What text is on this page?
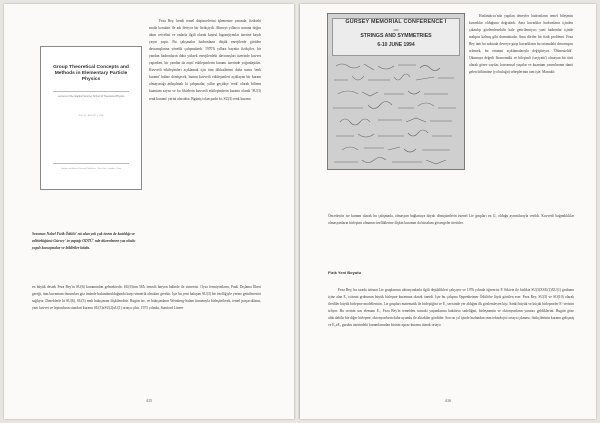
Group Theoretical Concepts and Methods in Elementary Particle Physics
Lectures of the Istanbul Summer School of Theoretical Physics
JULY 16 – AUGUST 4, 1962
Gordon and Breach Science Publishers · New York · London · Paris
Sezonun Nobel Fizik Ödülü' nü alan yok çok önem de katıldığı ve editörlüğünü Gürsey' in yaptığı ODTÜ' nde düzenlenen yaz okulu yapılı konuşmalar ve bildiriler kitabı.

Feza Bey, kendi temel düşüncelerini işlemesine yanında, fizikteki moda konuları ile adı ileriyor bir fizikçiydi. Alimeyi yıllarca sonuna doğru akım cetvelini ve onlarla ilgili olarak kuyrul lagranjiyenlar üzerine kaydı yayın yaptı. Bu çalışmalar hadronların düşük enerjilerde görülen davranışlarına yönelik çalışmalardı. 1970'li yıllara hayatta fizikçiler, bir yandan hadronların daha yüksek enerjilerdeki davranışları üzerinde kuvvet yaparken, bir yandan da zayıf etkileşimlerin kuramı üzerinde yoğunlaştılar. Kuvvetli etkileşimleri açıklamak için tüm dikkatlerimi daha sonra 'renk kuramı' haline dönüşecek, bunun kuvvetli etkileşimleri açıklayan bir kuram olmayacağı anlaşılmalı ki çalışmalar, yıllar geçtikçe 'renk' olarak bilinen kuantum sayısı ve bu fikirlerin kuvvetli etkileşimlerin kuramı olarak 'SU(3) renk kuramı' yerini alacaktır. Bgüniçi olan padır bi, SU(3) renk kuramı

en büyük destek Feza Bey'in SU(6) kuramından gelmektedir. SU(6)'nın 56'lı temsili baryon halinde ile simetrisi. Oysa fermiyonların, Pauli Dışlama İlkesi gereği, tüm kuvantum durumları göz önünde bulundurulduğunda karşı-simetrik olmaları gerekir. İşte bu yeni bakışım SU(3) bir özelliğiyle yerine getirilmesini sağlıyor. Deneklerle ki SU(6), SU(3) renk bakışımını ilişkilendirir. Bugün ise, ve bakışımların Weinberg-Salam kuramıyla birleştirilerek, temel parçacıkların, yani kuvvet ve leptonların standart kuramı SU(3)xSU(2)xU(1) ortaya çıktı. 1973 yılında, Stanford Lineer

415
GÜRSEY MEMORIAL CONFERENCE I
ON
STRINGS AND SYMMETRIES
6-10 JUNE 1994

Hızlandırıcı'nda yapılan deneyler hadronların temel bileşenin kuvarklar olduğunu doğruladı. Ama kuvarklar hadronların içinden çıkarılıp gözlemlenebilir hale getirilemiyor; yani hadronlar içinde mahpus kalmış gibi durmaktadır. Ama dörtler bir fizik problemi. Feza Bey tam bu noktada devreye girip kuvarkların bu ortamdaki davranışını izlemek, bu ortamın açıklamalarıyla değiştiriyor. 'Ölümsüzlük'. Okumaya değerli lhomomülü ve bileşimli (seçiyatif) olmayan bir türü olarak görev sayılar, kavramsal yaşıtlar ve kuantum yarımlarının tümü gelen bölümüne (yolculuğu) sebeplerinin tam işte. Mantıklı

Önceden'ın ise kuramı olarak bu çalışmada, olmasyan bağlantıya dayalı dönüşümlerin istenel Lie grupları en G₂ olduğu ayrıntılarıyla verildi. Kuvvetli bağımlılıklar olmasyanların birleşimi olmanın özelliklerine ilişkin kuramın da birtakım göstergeler ürettiler.

Fizik Yeni Boyutu

Feza Bey, bu sırada istisnai Lie gruplarının oktonyonlarla ilgili deştiklikleri çalışıyor ve 1976 yılında öğrencisi P. Sikivie ile birlikte SU(3)XSU(2)XU(1) grubunu içine alan E₆ istisnai grubunun büyük birleşme kuramına olarak önerdi. İşte bu çalışma Oppenheimer Ödülü'ne lâyık görülen eser. Feza Bey, SU(3) ve SO(10) olarak ilerdiler büyük birleşme modellerinin, Lie grupları matematik ile birleştiğini ve E₆ serisinde yer aldığını ilk gözlemleyen kişi. Sanki büyük ve küçük birleşmeler E- serisini izliyor. Bu serinin son elemanı E₇, Feza Bey'in temelden sonraki yaşamlarına bakılırsa sadeliğini, birleşmenin ve oktonyonların yaratıcı geldiklerini. Bugün göze aldırılabilir bir diğer birleşme, oktonyonların daha uyumlu ile alttakiler gördüler. Son on yıl içinde hızlandırıcının teknolojisi ortaya çıkması; fizikçilerinin kuramı gelişmiş ve E₆xE₈ gurubu üzerindeki kuramlarından birinin aşıraz kuramı olarak ortaya

416
